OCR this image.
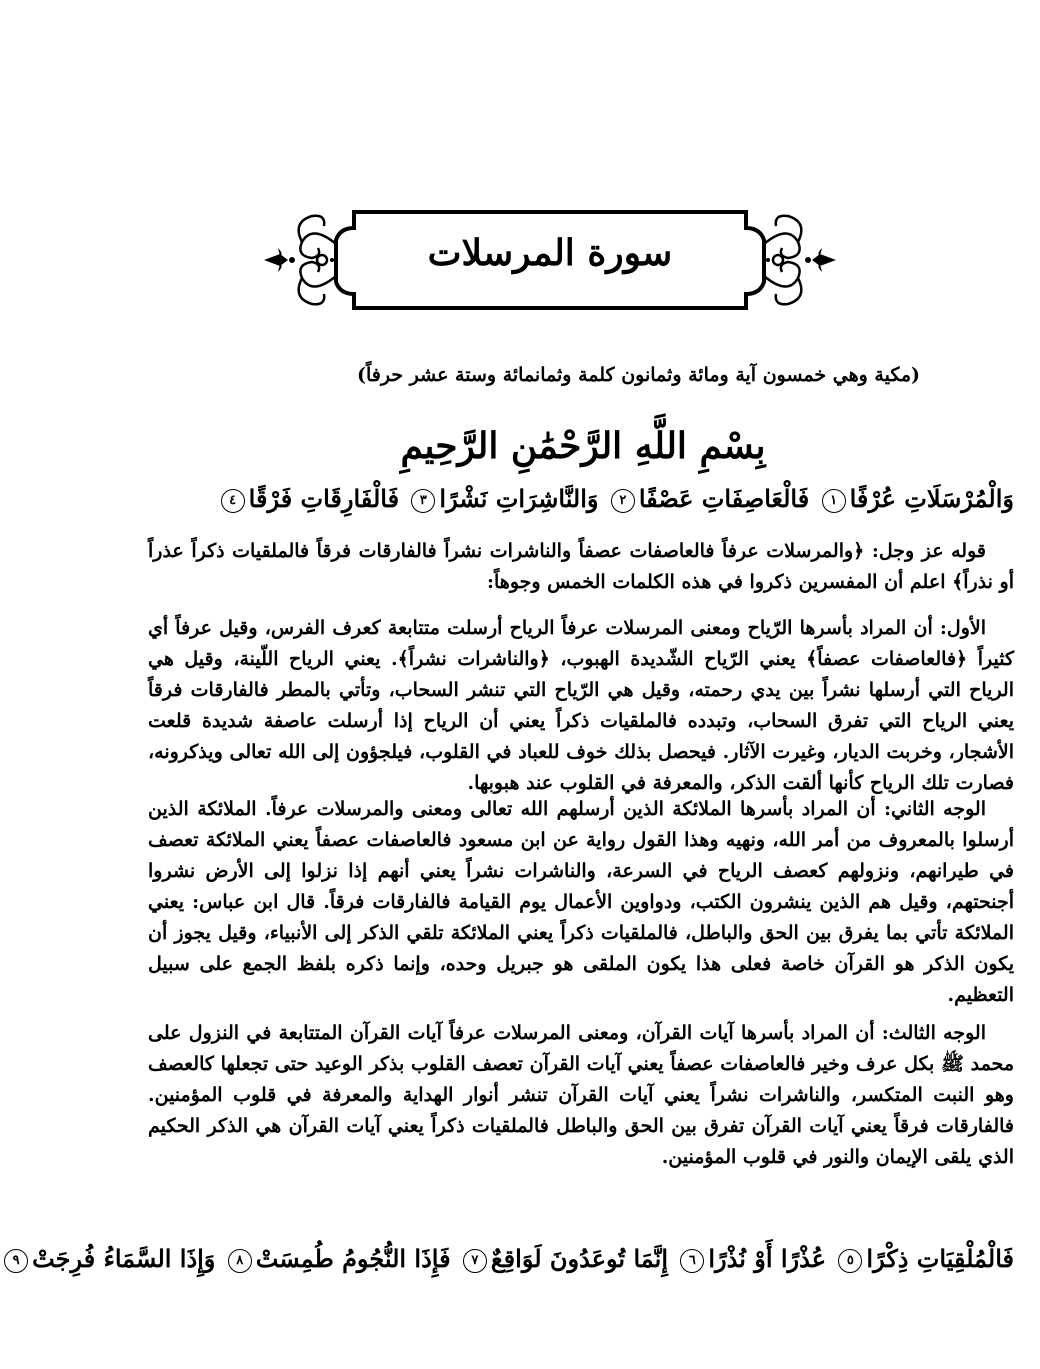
سورة المرسلات
(مكية وهي خمسون آية ومائة وثمانون كلمة وثمانمائة وستة عشر حرفاً)
بِسْمِ اللَّهِ الرَّحْمَٰنِ الرَّحِيمِ
وَالْمُرْسَلَاتِ عُرْفًا١ فَالْعَاصِفَاتِ عَصْفًا٢ وَالنَّاشِرَاتِ نَشْرًا٣ فَالْفَارِقَاتِ فَرْقًا٤
قوله عز وجل: ﴿والمرسلات عرفاً فالعاصفات عصفاً والناشرات نشراً فالفارقات فرقاً فالملقيات ذكراً عذراً أو نذراً﴾ اعلم أن المفسرين ذكروا في هذه الكلمات الخمس وجوهاً:
الأول: أن المراد بأسرها الرّياح ومعنى المرسلات عرفاً الرياح أرسلت متتابعة كعرف الفرس، وقيل عرفاً أي كثيراً ﴿فالعاصفات عصفاً﴾ يعني الرّياح الشّديدة الهبوب، ﴿والناشرات نشراً﴾. يعني الرياح اللّينة، وقيل هي الرياح التي أرسلها نشراً بين يدي رحمته، وقيل هي الرّياح التي تنشر السحاب، وتأتي بالمطر فالفارقات فرقاً يعني الرياح التي تفرق السحاب، وتبدده فالملقيات ذكراً يعني أن الرياح إذا أرسلت عاصفة شديدة قلعت الأشجار، وخربت الديار، وغيرت الآثار. فيحصل بذلك خوف للعباد في القلوب، فيلجؤون إلى الله تعالى ويذكرونه، فصارت تلك الرياح كأنها ألقت الذكر، والمعرفة في القلوب عند هبوبها.
الوجه الثاني: أن المراد بأسرها الملائكة الذين أرسلهم الله تعالى ومعنى والمرسلات عرفاً. الملائكة الذين أرسلوا بالمعروف من أمر الله، ونهيه وهذا القول رواية عن ابن مسعود فالعاصفات عصفاً يعني الملائكة تعصف في طيرانهم، ونزولهم كعصف الرياح في السرعة، والناشرات نشراً يعني أنهم إذا نزلوا إلى الأرض نشروا أجنحتهم، وقيل هم الذين ينشرون الكتب، ودواوين الأعمال يوم القيامة فالفارقات فرقاً. قال ابن عباس: يعني الملائكة تأتي بما يفرق بين الحق والباطل، فالملقيات ذكراً يعني الملائكة تلقي الذكر إلى الأنبياء، وقيل يجوز أن يكون الذكر هو القرآن خاصة فعلى هذا يكون الملقى هو جبريل وحده، وإنما ذكره بلفظ الجمع على سبيل التعظيم.
الوجه الثالث: أن المراد بأسرها آيات القرآن، ومعنى المرسلات عرفاً آيات القرآن المتتابعة في النزول على محمد ﷺ بكل عرف وخير فالعاصفات عصفاً يعني آيات القرآن تعصف القلوب بذكر الوعيد حتى تجعلها كالعصف وهو النبت المتكسر، والناشرات نشراً يعني آيات القرآن تنشر أنوار الهداية والمعرفة في قلوب المؤمنين. فالفارقات فرقاً يعني آيات القرآن تفرق بين الحق والباطل فالملقيات ذكراً يعني آيات القرآن هي الذكر الحكيم الذي يلقى الإيمان والنور في قلوب المؤمنين.
فَالْمُلْقِيَاتِ ذِكْرًا٥ عُذْرًا أَوْ نُذْرًا٦ إِنَّمَا تُوعَدُونَ لَوَاقِعٌ٧ فَإِذَا النُّجُومُ طُمِسَتْ٨ وَإِذَا السَّمَاءُ فُرِجَتْ٩
